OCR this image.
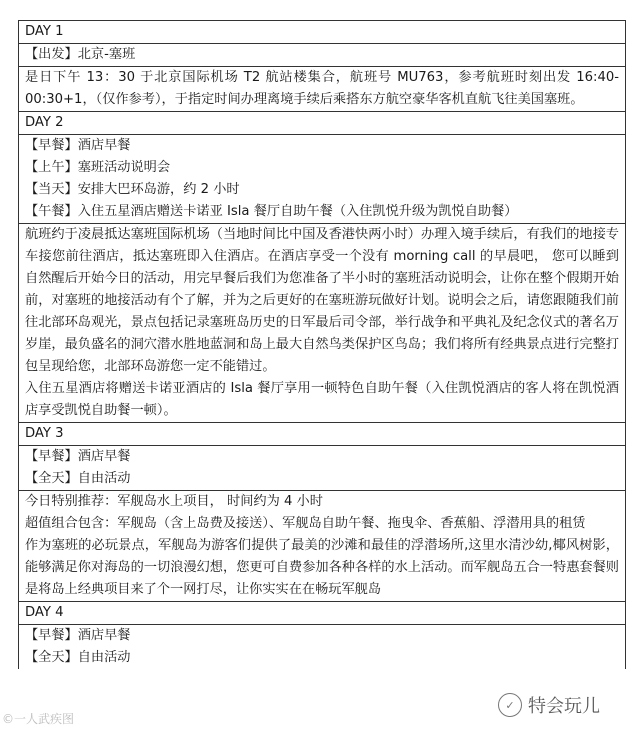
DAY 1
【出发】北京-塞班
是日下午 13：30 于北京国际机场 T2 航站楼集合，航班号 MU763，参考航班时刻出发 16:40-00:30+1，（仅作参考），于指定时间办理离境手续后乘搭东方航空豪华客机直航飞往美国塞班。
DAY 2
【早餐】酒店早餐
【上午】塞班活动说明会
【当天】安排大巴环岛游，约 2 小时
【午餐】入住五星酒店赠送卡诺亚 Isla 餐厅自助午餐（入住凯悦升级为凯悦自助餐）
航班约于凌晨抵达塞班国际机场（当地时间比中国及香港快两小时）办理入境手续后，有我们的地接专车接您前往酒店，抵达塞班即入住酒店。在酒店享受一个没有 morning call 的早晨吧， 您可以睡到自然醒后开始今日的活动，用完早餐后我们为您准备了半小时的塞班活动说明会，让你在整个假期开始前，对塞班的地接活动有个了解，并为之后更好的在塞班游玩做好计划。说明会之后，请您跟随我们前往北部环岛观光，景点包括记录塞班岛历史的日军最后司令部，举行战争和平典礼及纪念仪式的著名万岁崖，最负盛名的洞穴潜水胜地蓝洞和岛上最大自然鸟类保护区鸟岛；我们将所有经典景点进行完整打包呈现给您，北部环岛游您一定不能错过。
入住五星酒店将赠送卡诺亚酒店的 Isla 餐厅享用一顿特色自助午餐（入住凯悦酒店的客人将在凯悦酒店享受凯悦自助餐一顿）。
DAY 3
【早餐】酒店早餐
【全天】自由活动
今日特别推荐：军舰岛水上项目， 时间约为 4 小时
超值组合包含：军舰岛（含上岛费及接送）、军舰岛自助午餐、拖曳伞、香蕉船、浮潜用具的租赁
作为塞班的必玩景点，军舰岛为游客们提供了最美的沙滩和最佳的浮潜场所,这里水清沙幼,椰风树影，能够满足你对海岛的一切浪漫幻想，您更可自费参加各种各样的水上活动。而军舰岛五合一特惠套餐则是将岛上经典项目来了个一网打尽，让你实实在在畅玩军舰岛
DAY 4
【早餐】酒店早餐
【全天】自由活动
©一人武疾图
✓ 特会玩儿
